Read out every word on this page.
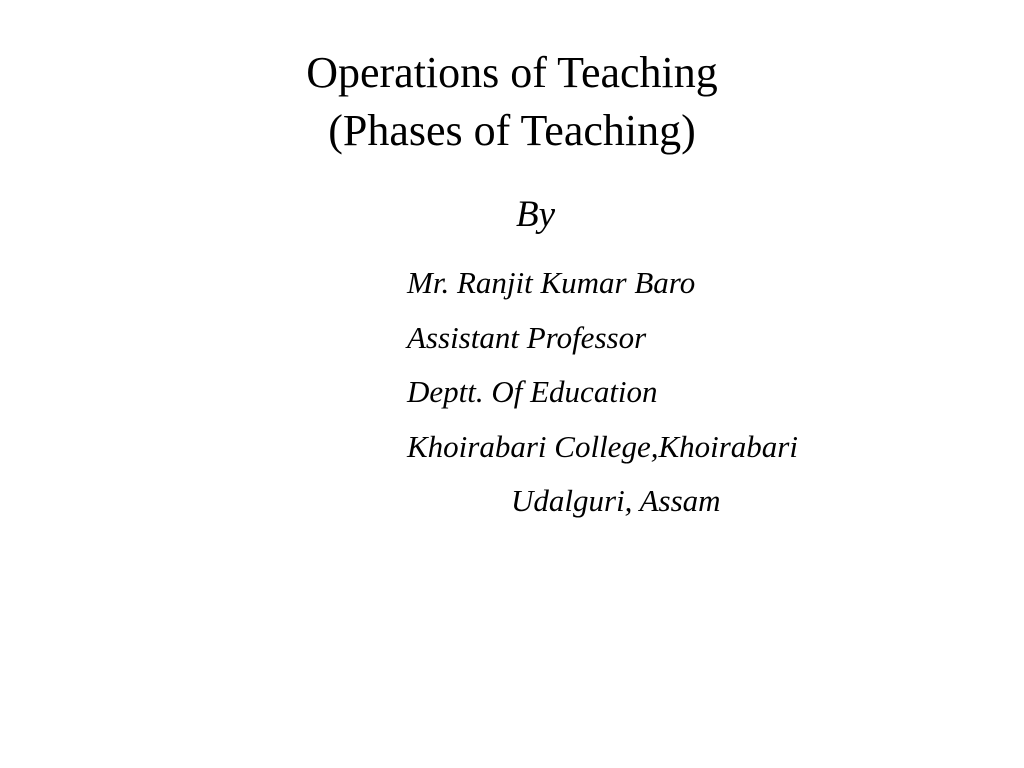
Operations of Teaching
(Phases of Teaching)
By
Mr. Ranjit Kumar Baro
Assistant Professor
Deptt. Of Education
Khoirabari College,Khoirabari
Udalguri, Assam
